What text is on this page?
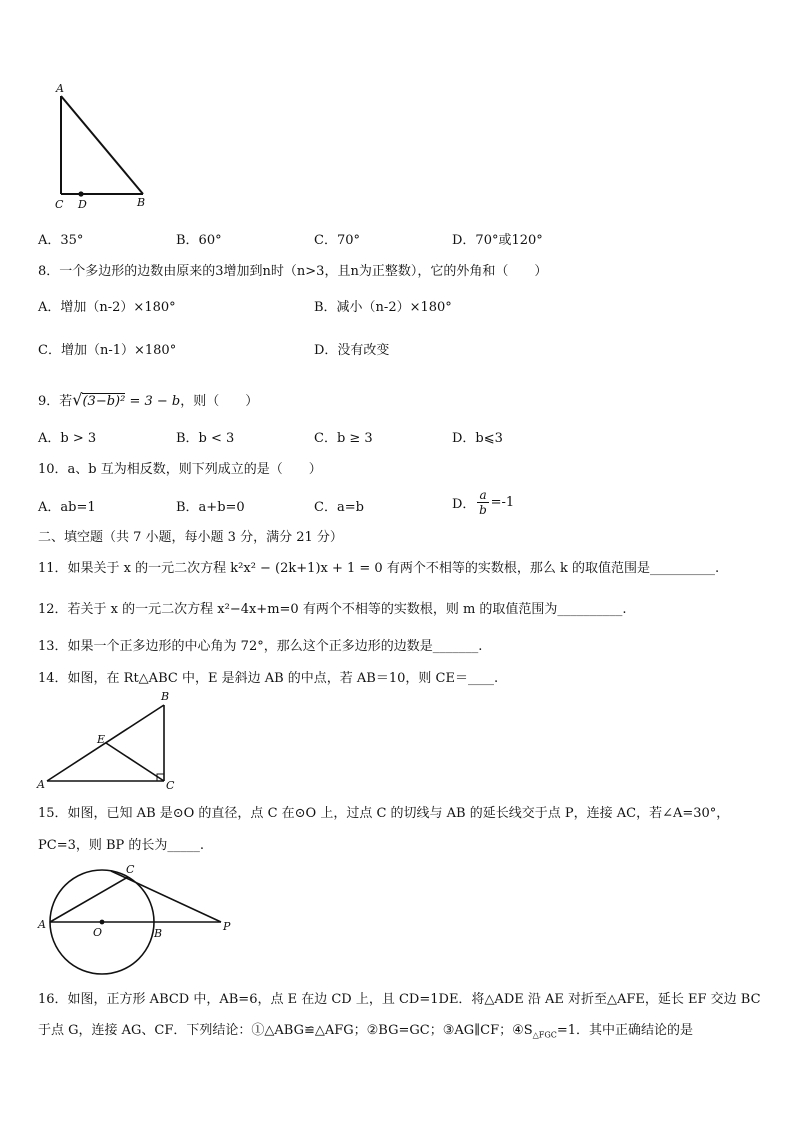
A
C D	B
A．35°	B．60°	C．70°	D．70°或120°
8．一个多边形的边数由原来的3增加到n时（n>3，且n为正整数），它的外角和（　　）
A．增加（n-2）×180°	B．减小（n-2）×180°
C．增加（n-1）×180°	D．没有改变
9．若√(3−b)² = 3 − b，则（　　）
A．b > 3	B．b < 3	C．b ≥ 3	D．b⩽3
10．a、b 互为相反数，则下列成立的是（　　）
A．ab=1	B．a+b=0	C．a=b	D． $\frac{a}{b} =-1$
二、填空题（共 7 小题，每小题 3 分，满分 21 分）
11．如果关于 x 的一元二次方程 k²x² − (2k+1)x + 1 = 0 有两个不相等的实数根，那么 k 的取值范围是__________.
12．若关于 x 的一元二次方程 x²−4x+m=0 有两个不相等的实数根，则 m 的取值范围为__________.
13．如果一个正多边形的中心角为 72°，那么这个正多边形的边数是_______.
14．如图，在 Rt△ABC 中，E 是斜边 AB 的中点，若 AB＝10，则 CE＝____.
B
E
A	C
15．如图，已知 AB 是⊙O 的直径，点 C 在⊙O 上，过点 C 的切线与 AB 的延长线交于点 P，连接 AC，若∠A=30°，
PC=3，则 BP 的长为_____.
C
A
O	B
P
16．如图，正方形 ABCD 中，AB=6，点 E 在边 CD 上，且 CD=1DE．将△ADE 沿 AE 对折至△AFE，延长 EF 交边 BC
于点 G，连接 AG、CF．下列结论：①△ABG≌△AFG；②BG=GC；③AG∥CF；$④S_{\triangle FGC}=1$．其中正确结论的是
